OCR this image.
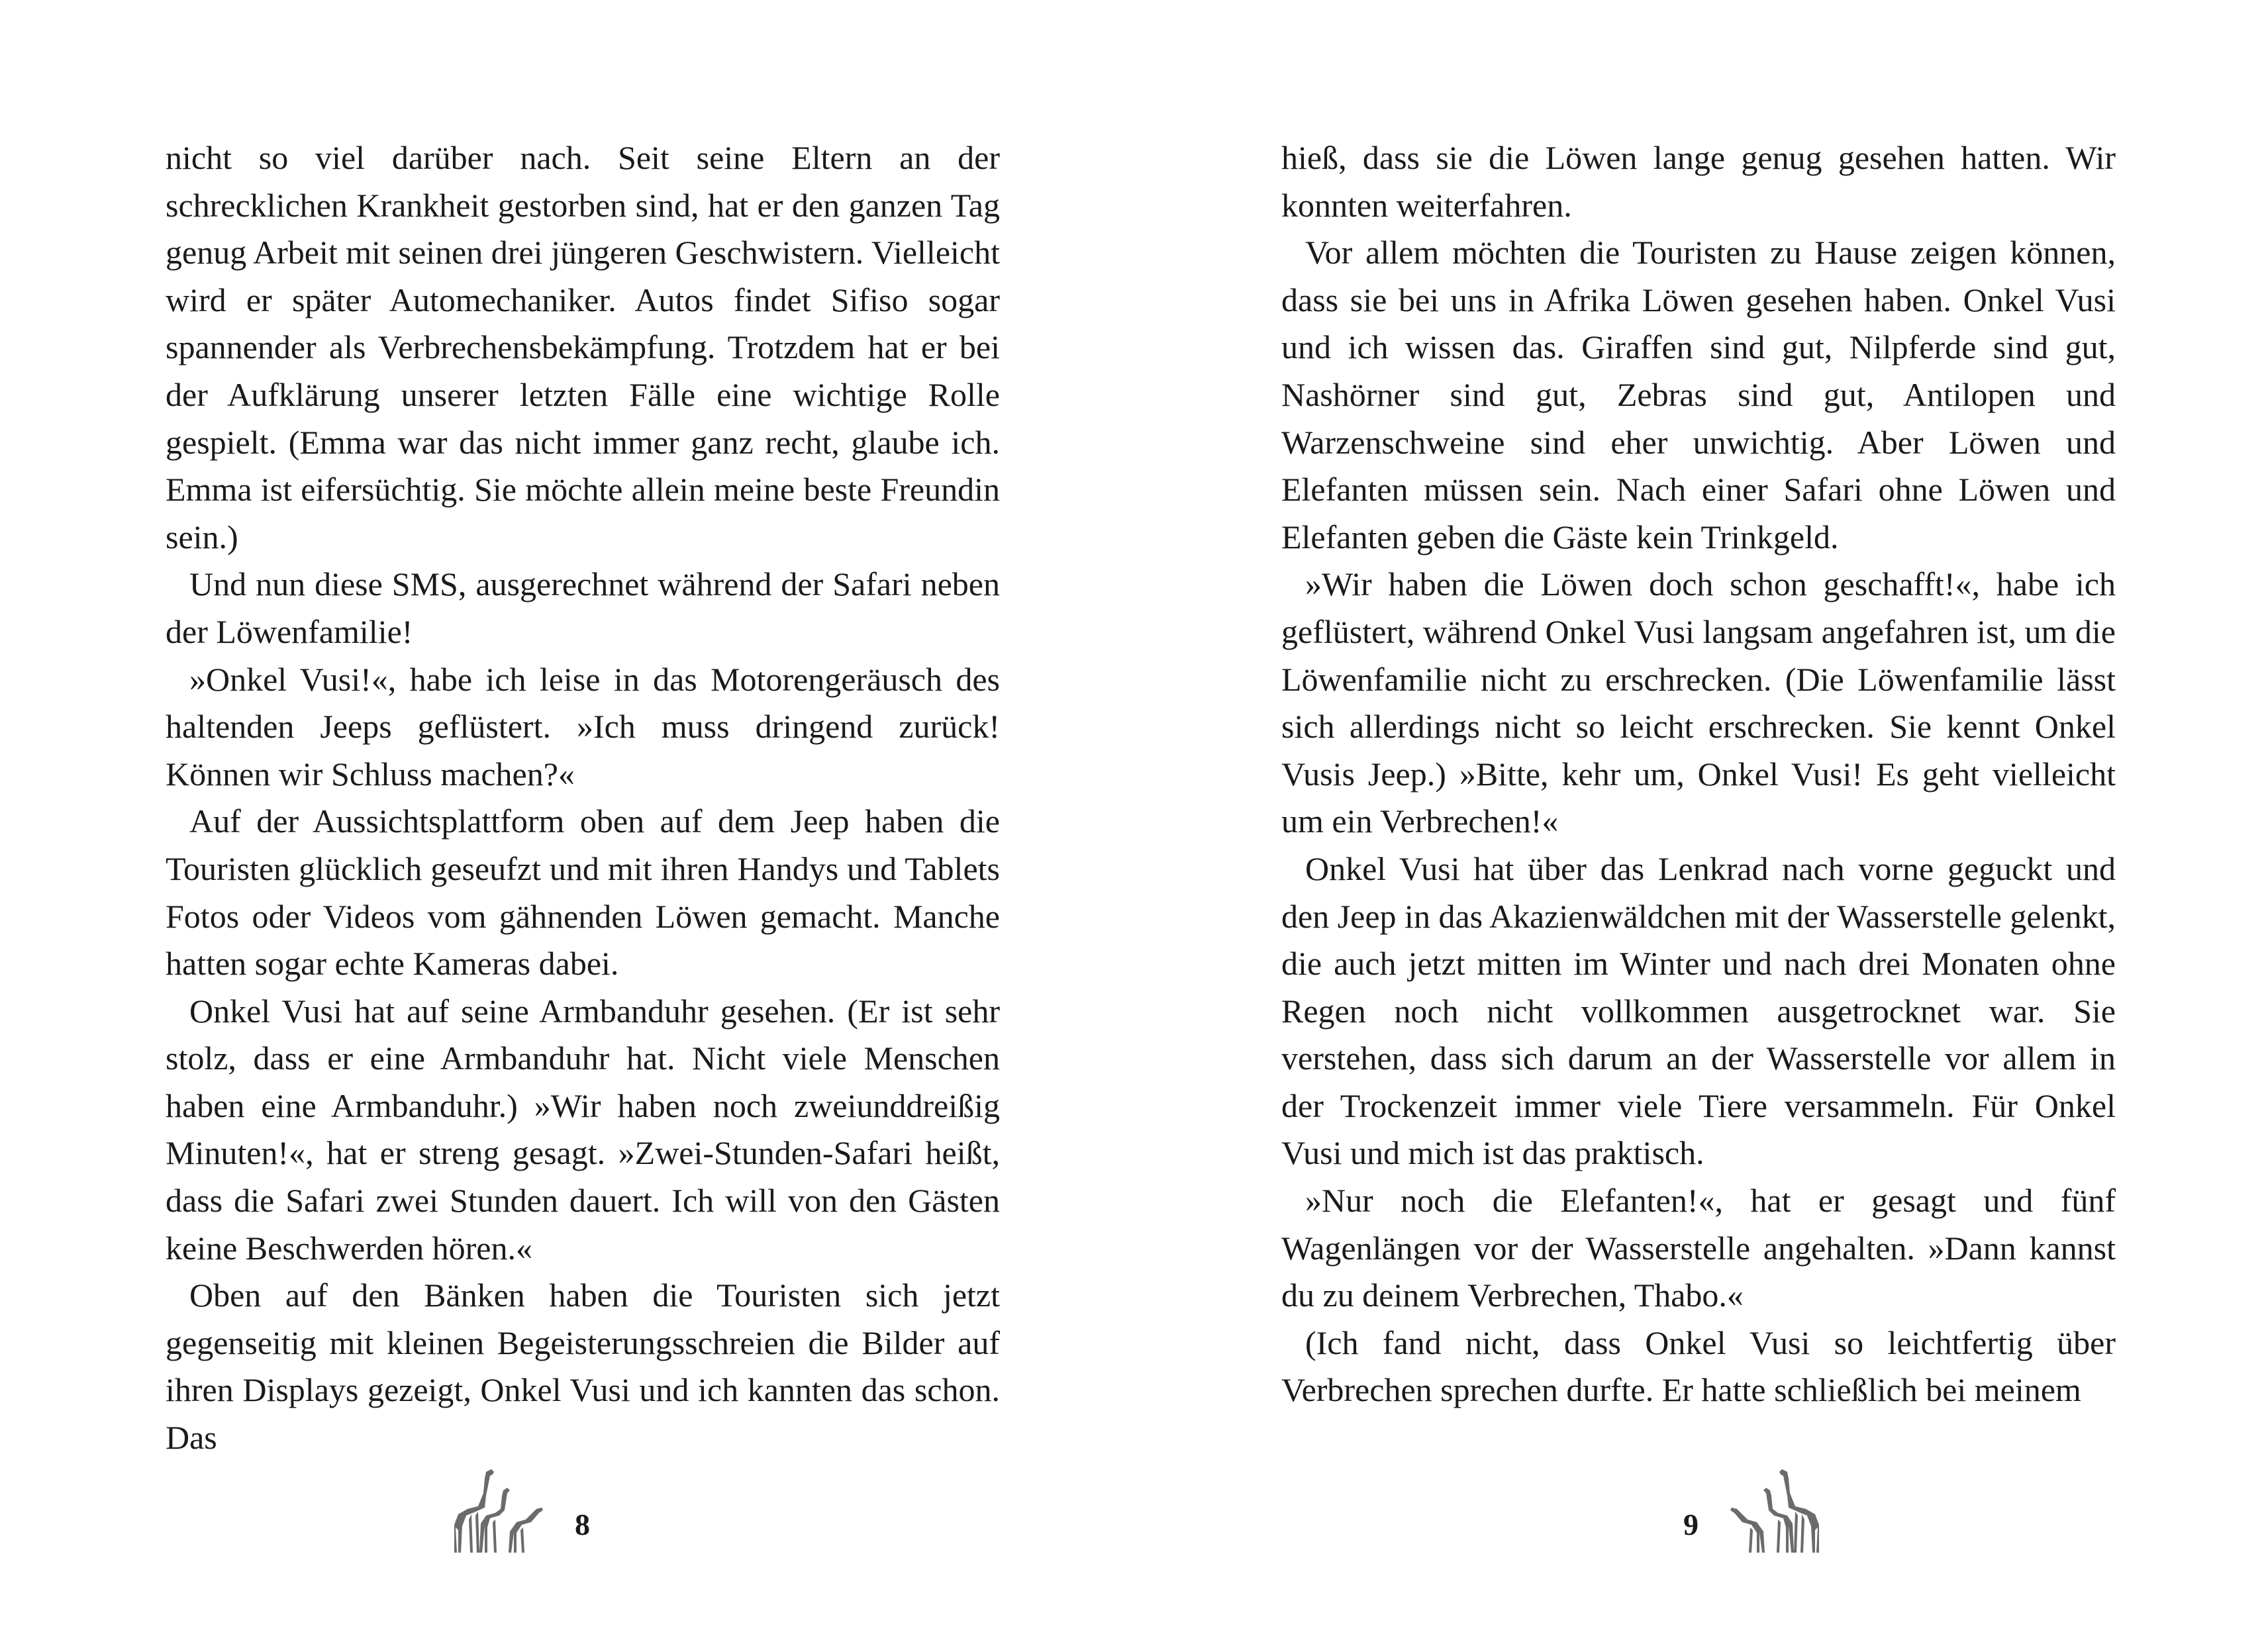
nicht so viel darüber nach. Seit seine Eltern an der schrecklichen Krankheit gestorben sind, hat er den ganzen Tag genug Arbeit mit seinen drei jüngeren Geschwistern. Vielleicht wird er später Automechaniker. Autos findet Sifiso sogar spannender als Verbrechensbekämpfung. Trotzdem hat er bei der Aufklärung unserer letzten Fälle eine wichtige Rolle gespielt. (Emma war das nicht immer ganz recht, glaube ich. Emma ist eifersüchtig. Sie möchte allein meine beste Freundin sein.)

Und nun diese SMS, ausgerechnet während der Safari neben der Löwenfamilie!

»Onkel Vusi!«, habe ich leise in das Motorengeräusch des haltenden Jeeps geflüstert. »Ich muss dringend zurück! Können wir Schluss machen?«

Auf der Aussichtsplattform oben auf dem Jeep haben die Touristen glücklich geseufzt und mit ihren Handys und Tablets Fotos oder Videos vom gähnenden Löwen gemacht. Manche hatten sogar echte Kameras dabei.

Onkel Vusi hat auf seine Armbanduhr gesehen. (Er ist sehr stolz, dass er eine Armbanduhr hat. Nicht viele Menschen haben eine Armbanduhr.) »Wir haben noch zweiunddreißig Minuten!«, hat er streng gesagt. »Zwei-Stunden-Safari heißt, dass die Safari zwei Stunden dauert. Ich will von den Gästen keine Beschwerden hören.«

Oben auf den Bänken haben die Touristen sich jetzt gegenseitig mit kleinen Begeisterungsschreien die Bilder auf ihren Displays gezeigt, Onkel Vusi und ich kannten das schon. Das

8

hieß, dass sie die Löwen lange genug gesehen hatten. Wir konnten weiterfahren.

Vor allem möchten die Touristen zu Hause zeigen können, dass sie bei uns in Afrika Löwen gesehen haben. Onkel Vusi und ich wissen das. Giraffen sind gut, Nilpferde sind gut, Nashörner sind gut, Zebras sind gut, Antilopen und Warzenschweine sind eher unwichtig. Aber Löwen und Elefanten müssen sein. Nach einer Safari ohne Löwen und Elefanten geben die Gäste kein Trinkgeld.

»Wir haben die Löwen doch schon geschafft!«, habe ich geflüstert, während Onkel Vusi langsam angefahren ist, um die Löwenfamilie nicht zu erschrecken. (Die Löwenfamilie lässt sich allerdings nicht so leicht erschrecken. Sie kennt Onkel Vusis Jeep.) »Bitte, kehr um, Onkel Vusi! Es geht vielleicht um ein Verbrechen!«

Onkel Vusi hat über das Lenkrad nach vorne geguckt und den Jeep in das Akazienwäldchen mit der Wasserstelle gelenkt, die auch jetzt mitten im Winter und nach drei Monaten ohne Regen noch nicht vollkommen ausgetrocknet war. Sie verstehen, dass sich darum an der Wasserstelle vor allem in der Trockenzeit immer viele Tiere versammeln. Für Onkel Vusi und mich ist das praktisch.

»Nur noch die Elefanten!«, hat er gesagt und fünf Wagenlängen vor der Wasserstelle angehalten. »Dann kannst du zu deinem Verbrechen, Thabo.«

(Ich fand nicht, dass Onkel Vusi so leichtfertig über Verbrechen sprechen durfte. Er hatte schließlich bei meinem

9
